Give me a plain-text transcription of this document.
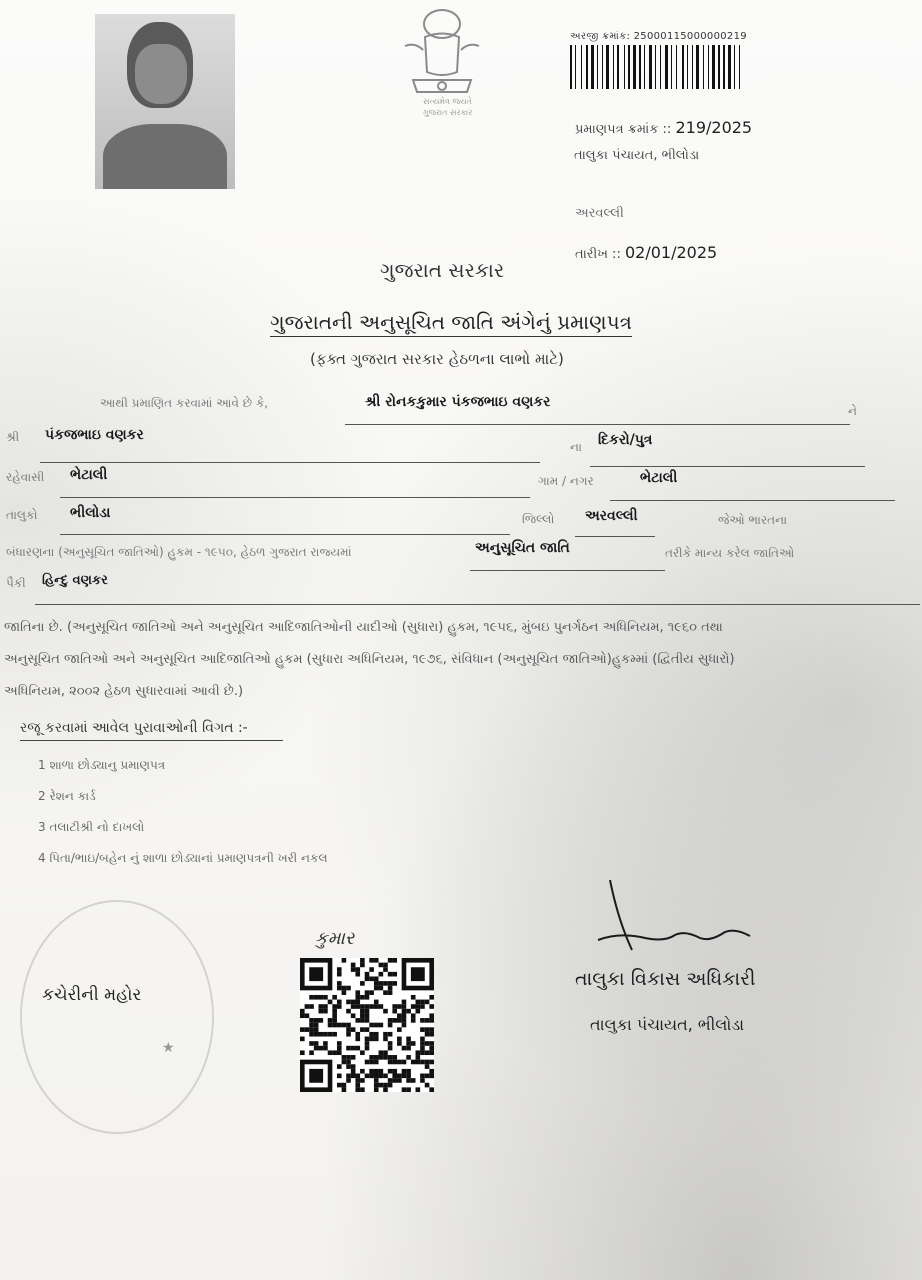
સત્યમેવ જયતે
ગુજરાત સરકાર
અરજી ક્રમાંક: 25000115000000219
પ્રમાણપત્ર ક્રમાંક :: 219/2025
તાલુકા પંચાયત, ભીલોડા
અરવલ્લી
તારીખ :: 02/01/2025
ગુજરાત સરકાર
ગુજરાતની અનુસૂચિત જાતિ અંગેનું પ્રમાણપત્ર
(ફક્ત ગુજરાત સરકાર હેઠળના લાભો માટે)
આથી પ્રમાણિત કરવામાં આવે છે કે,	શ્રી રોનકકુમાર પંકજભાઇ વણકર
ને
શ્રી પંકજભાઇ વણકર
ના દિકરો/પુત્ર
રહેવાસી ભેટાલી	ગામ / નગર	ભેટાલી
તાલુકો ભીલોડા	જિલ્લો અરવલ્લી	જેઓ ભારતના
બંધારણના (અનુસૂચિત જાતિઓ) હુકમ - ૧૯૫૦, હેઠળ ગુજરાત રાજ્યમાં	અનુસૂચિત જાતિ	તરીકે માન્ય કરેલ જાતિઓ
પૈકી હિન્દુ વણકર
જાતિના છે. (અનુસૂચિત જાતિઓ અને અનુસૂચિત આદિજાતિઓની યાદીઓ (સુધારા) હુકમ, ૧૯૫૬, મુંબઇ પુનર્ગઠન અધિનિયમ, ૧૯૬૦ તથા
અનુસૂચિત જાતિઓ અને અનુસૂચિત આદિજાતિઓ હુકમ (સુધારા અધિનિયમ, ૧૯૭૬, સંવિધાન (અનુસૂચિત જાતિઓ)હુકમ્માં (દ્વિતીય સુધારો)
અધિનિયમ, ૨૦૦૨ હેઠળ સુધારવામાં આવી છે.)
રજૂ કરવામાં આવેલ પુરાવાઓની વિગત :-
1 શાળા છોડ્યાનુ પ્રમાણપત્ર
2 રેશન કાર્ડ
3 તલાટીશ્રી નો દાખલો
4 પિતા/ભાઇ/બહેન નું શાળા છોડ્યાનાં પ્રમાણપત્રની ખરી નકલ
કચેરીની મહોર
★
કુમાર
તાલુકા વિકાસ અધિકારી
તાલુકા પંચાયત, ભીલોડા
